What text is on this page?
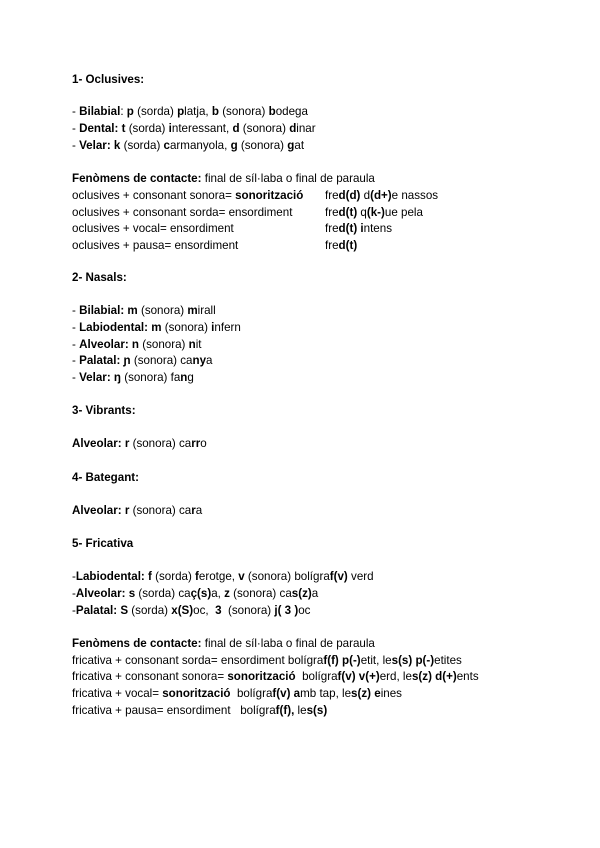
1- Oclusives:
- Bilabial: p (sorda) platja, b (sonora) bodega
- Dental: t (sorda) interessant, d (sonora) dinar
- Velar: k (sorda) carmanyola, g (sonora) gat
Fenòmens de contacte: final de síl·laba o final de paraula
oclusives + consonant sonora= sonorització fred(d) d(d+)e nassos
oclusives + consonant sorda= ensordiment	fred(t) q(k-)ue pela
oclusives + vocal= ensordiment	fred(t) intens
oclusives + pausa= ensordiment	fred(t)
2- Nasals:
- Bilabial: m (sonora) mirall
- Labiodental: m (sonora) infern
- Alveolar: n (sonora) nit
- Palatal: ɲ (sonora) canya
- Velar: ŋ (sonora) fang
3- Vibrants:
Alveolar: r (sonora) carro
4- Bategant:
Alveolar: r (sonora) cara
5- Fricativa
-Labiodental: f (sorda) ferotge, v (sonora) bolígraf(v) verd
-Alveolar: s (sorda) caç(s)a, z (sonora) cas(z)a
-Palatal: S (sorda) x(S)oc,  3  (sonora) j( 3 )oc
Fenòmens de contacte: final de síl·laba o final de paraula
fricativa + consonant sorda= ensordiment bolígraf(f) p(-)etit, les(s) p(-)etites
fricativa + consonant sonora= sonorització  bolígraf(v) v(+)erd, les(z) d(+)ents
fricativa + vocal= sonorització  bolígraf(v) amb tap, les(z) eines
fricativa + pausa= ensordiment   bolígraf(f), les(s)
